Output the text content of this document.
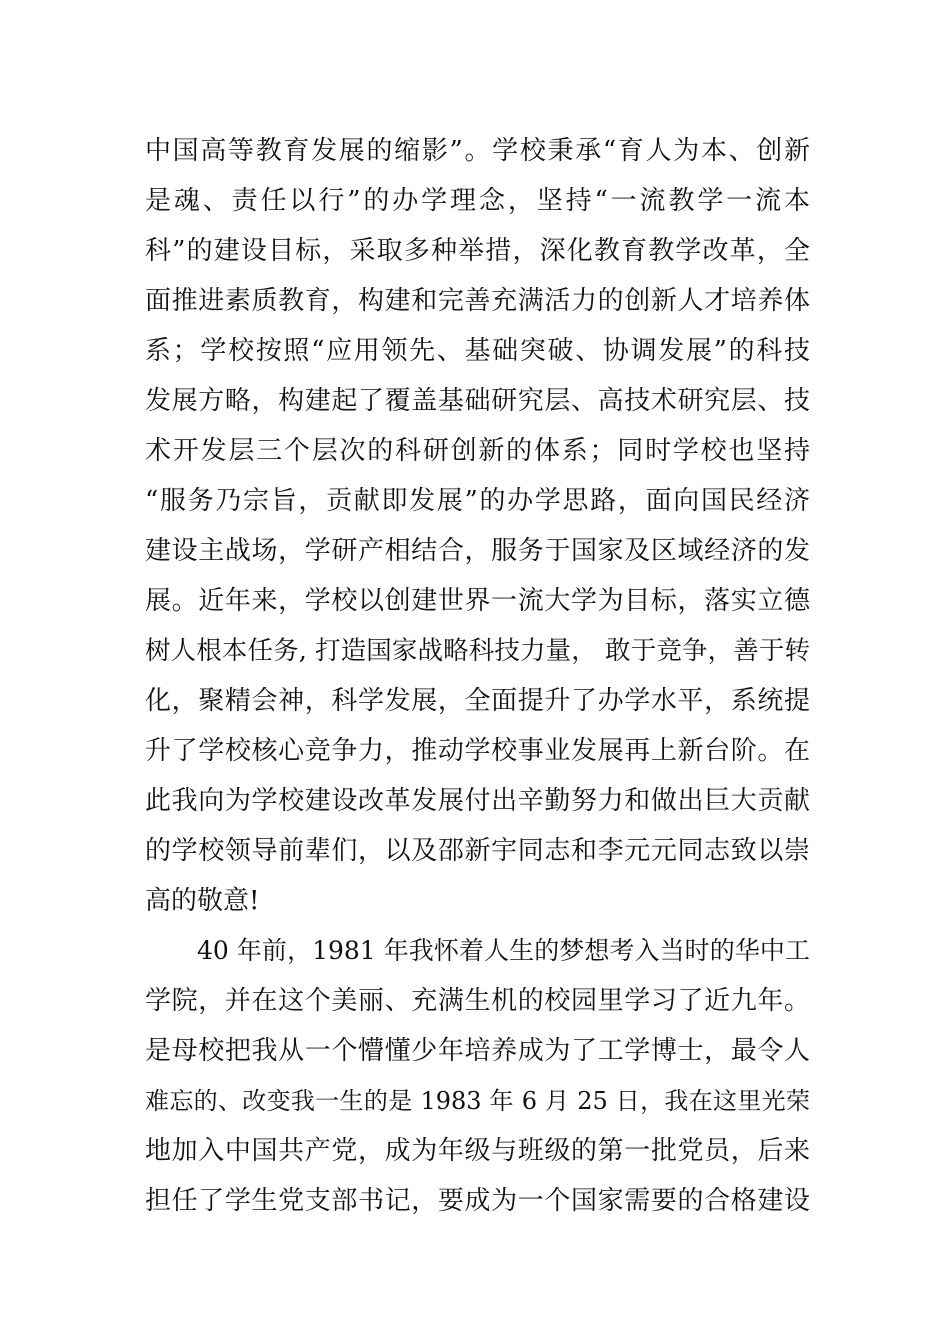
中国高等教育发展的缩影”。学校秉承“育人为本、创新
是魂、责任以行”的办学理念，坚持“一流教学一流本
科”的建设目标，采取多种举措，深化教育教学改革，全
面推进素质教育，构建和完善充满活力的创新人才培养体
系；学校按照“应用领先、基础突破、协调发展”的科技
发展方略，构建起了覆盖基础研究层、高技术研究层、技
术开发层三个层次的科研创新的体系；同时学校也坚持
“服务乃宗旨，贡献即发展”的办学思路，面向国民经济
建设主战场，学研产相结合，服务于国家及区域经济的发
展。近年来，学校以创建世界一流大学为目标，落实立德
树人根本任务, 打造国家战略科技力量， 敢于竞争，善于转
化，聚精会神，科学发展，全面提升了办学水平，系统提
升了学校核心竞争力，推动学校事业发展再上新台阶。在
此我向为学校建设改革发展付出辛勤努力和做出巨大贡献
的学校领导前辈们，以及邵新宇同志和李元元同志致以崇
高的敬意!
40 年前，1981 年我怀着人生的梦想考入当时的华中工
学院，并在这个美丽、充满生机的校园里学习了近九年。
是母校把我从一个懵懂少年培养成为了工学博士，最令人
难忘的、改变我一生的是 1983 年 6 月 25 日，我在这里光荣
地加入中国共产党，成为年级与班级的第一批党员，后来
担任了学生党支部书记，要成为一个国家需要的合格建设
